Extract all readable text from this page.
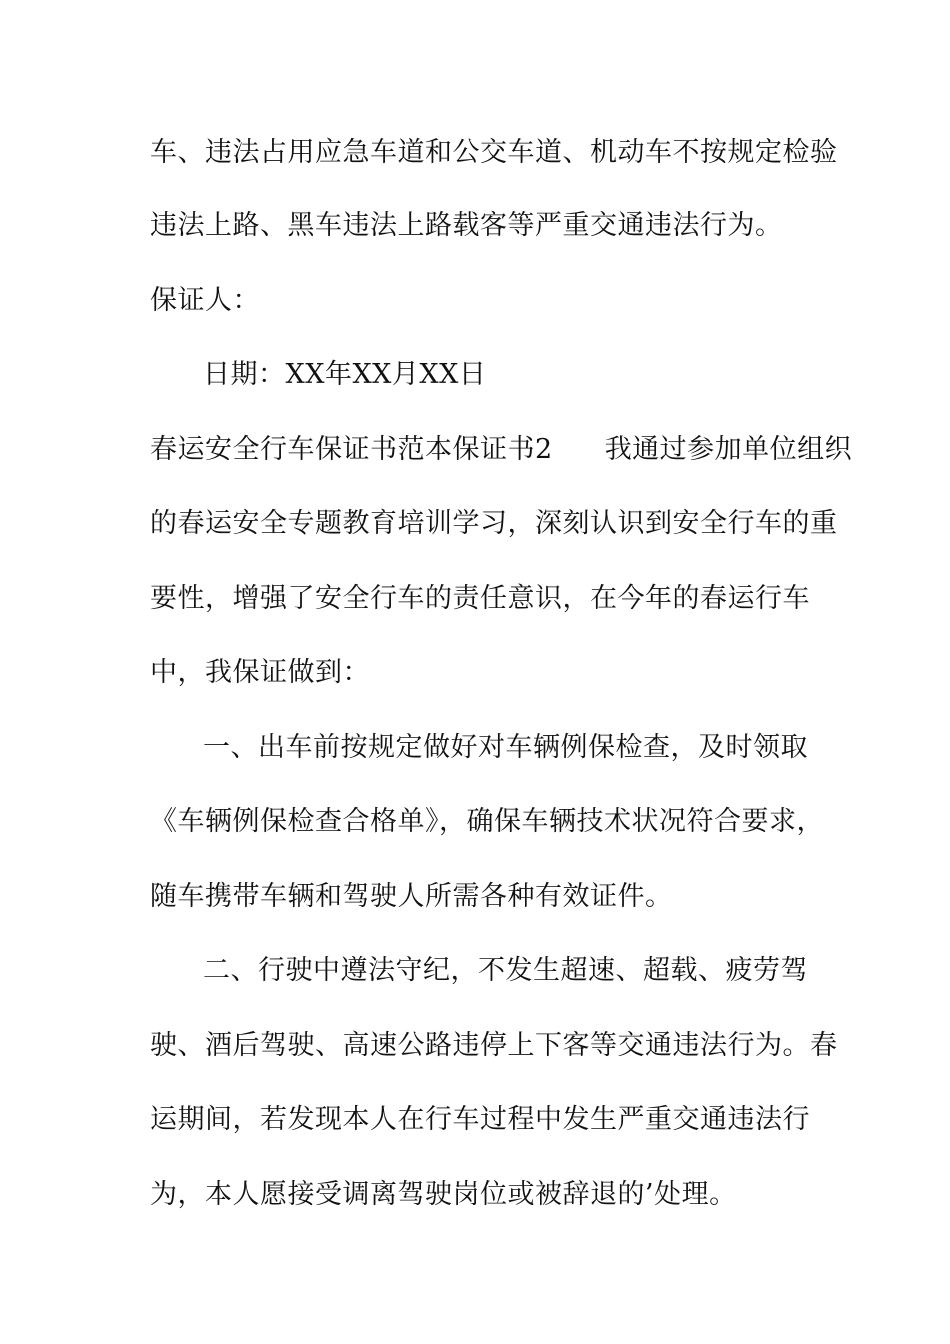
车、违法占用应急车道和公交车道、机动车不按规定检验
违法上路、黑车违法上路载客等严重交通违法行为。
保证人：
日期：XX年XX月XX日
春运安全行车保证书范本保证书2 我通过参加单位组织
的春运安全专题教育培训学习，深刻认识到安全行车的重
要性，增强了安全行车的责任意识，在今年的春运行车
中，我保证做到：
一、出车前按规定做好对车辆例保检查，及时领取
《车辆例保检查合格单》，确保车辆技术状况符合要求，
随车携带车辆和驾驶人所需各种有效证件。
二、行驶中遵法守纪，不发生超速、超载、疲劳驾
驶、酒后驾驶、高速公路违停上下客等交通违法行为。春
运期间，若发现本人在行车过程中发生严重交通违法行
为，本人愿接受调离驾驶岗位或被辞退的’处理。
